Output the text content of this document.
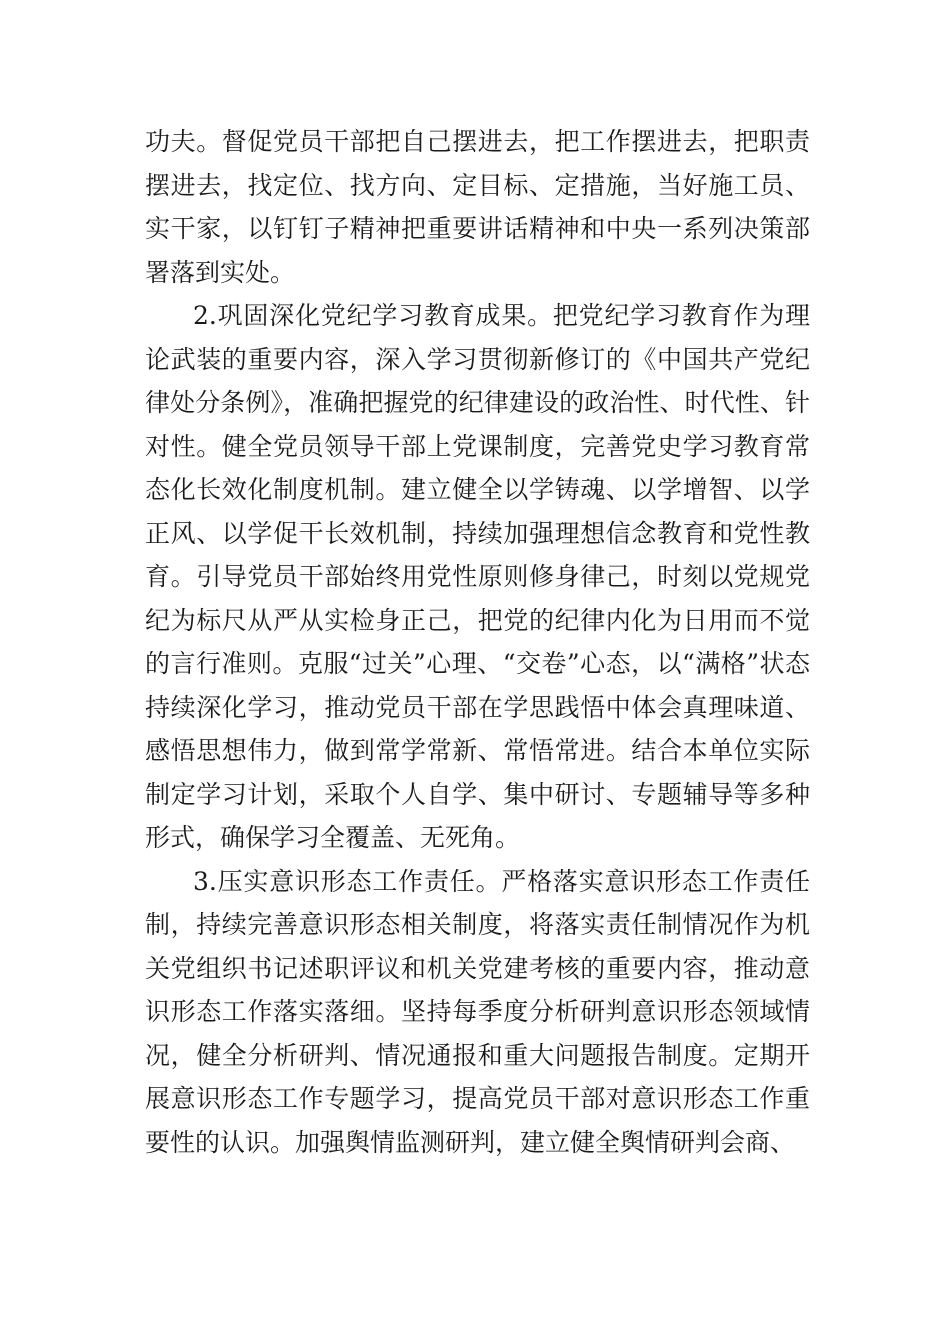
功夫。督促党员干部把自己摆进去，把工作摆进去，把职责摆进去，找定位、找方向、定目标、定措施，当好施工员、实干家，以钉钉子精神把重要讲话精神和中央一系列决策部署落到实处。

2.巩固深化党纪学习教育成果。把党纪学习教育作为理论武装的重要内容，深入学习贯彻新修订的《中国共产党纪律处分条例》，准确把握党的纪律建设的政治性、时代性、针对性。健全党员领导干部上党课制度，完善党史学习教育常态化长效化制度机制。建立健全以学铸魂、以学增智、以学正风、以学促干长效机制，持续加强理想信念教育和党性教育。引导党员干部始终用党性原则修身律己，时刻以党规党纪为标尺从严从实检身正己，把党的纪律内化为日用而不觉的言行准则。克服“过关”心理、“交卷”心态，以“满格”状态持续深化学习，推动党员干部在学思践悟中体会真理味道、感悟思想伟力，做到常学常新、常悟常进。结合本单位实际制定学习计划，采取个人自学、集中研讨、专题辅导等多种形式，确保学习全覆盖、无死角。

3.压实意识形态工作责任。严格落实意识形态工作责任制，持续完善意识形态相关制度，将落实责任制情况作为机关党组织书记述职评议和机关党建考核的重要内容，推动意识形态工作落实落细。坚持每季度分析研判意识形态领域情况，健全分析研判、情况通报和重大问题报告制度。定期开展意识形态工作专题学习，提高党员干部对意识形态工作重要性的认识。加强舆情监测研判，建立健全舆情研判会商、
